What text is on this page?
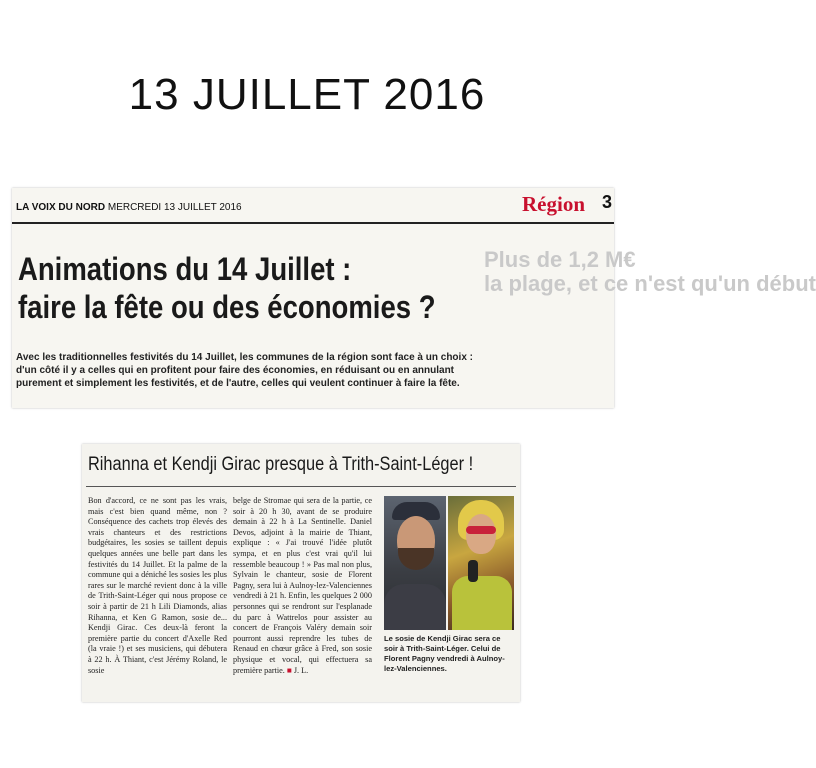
13 JUILLET 2016
LA VOIX DU NORD MERCREDI 13 JUILLET 2016	Région 3
Plus de 1,2 M€
la plage, et ce n'est qu'un début
Animations du 14 Juillet :
faire la fête ou des économies ?
Avec les traditionnelles festivités du 14 Juillet, les communes de la région sont face à un choix : d'un côté il y a celles qui en profitent pour faire des économies, en réduisant ou en annulant purement et simplement les festivités, et de l'autre, celles qui veulent continuer à faire la fête.
Rihanna et Kendji Girac presque à Trith-Saint-Léger !
Bon d'accord, ce ne sont pas les vrais, mais c'est bien quand même, non ? Conséquence des cachets trop élevés des vrais chanteurs et des restrictions budgétaires, les sosies se taillent depuis quelques années une belle part dans les festivités du 14 Juillet. Et la palme de la commune qui a déniché les sosies les plus rares sur le marché revient donc à la ville de Trith-Saint-Léger qui nous propose ce soir à partir de 21 h Lili Diamonds, alias Rihanna, et Ken G Ramon, sosie de... Kendji Girac. Ces deux-là feront la première partie du concert d'Axelle Red (la vraie !) et ses musiciens, qui débutera à 22 h. À Thiant, c'est Jérémy Roland, le sosie
belge de Stromae qui sera de la partie, ce soir à 20 h 30, avant de se produire demain à 22 h à La Sentinelle. Daniel Devos, adjoint à la mairie de Thiant, explique : « J'ai trouvé l'idée plutôt sympa, et en plus c'est vrai qu'il lui ressemble beaucoup ! » Pas mal non plus, Sylvain le chanteur, sosie de Florent Pagny, sera lui à Aulnoy-lez-Valenciennes vendredi à 21 h. Enfin, les quelques 2 000 personnes qui se rendront sur l'esplanade du parc à Wattrelos pour assister au concert de François Valéry demain soir pourront aussi reprendre les tubes de Renaud en chœur grâce à Fred, son sosie physique et vocal, qui effectuera sa première partie. ■ J. L.
Le sosie de Kendji Girac sera ce soir à Trith-Saint-Léger. Celui de Florent Pagny vendredi à Aulnoy-lez-Valenciennes.
